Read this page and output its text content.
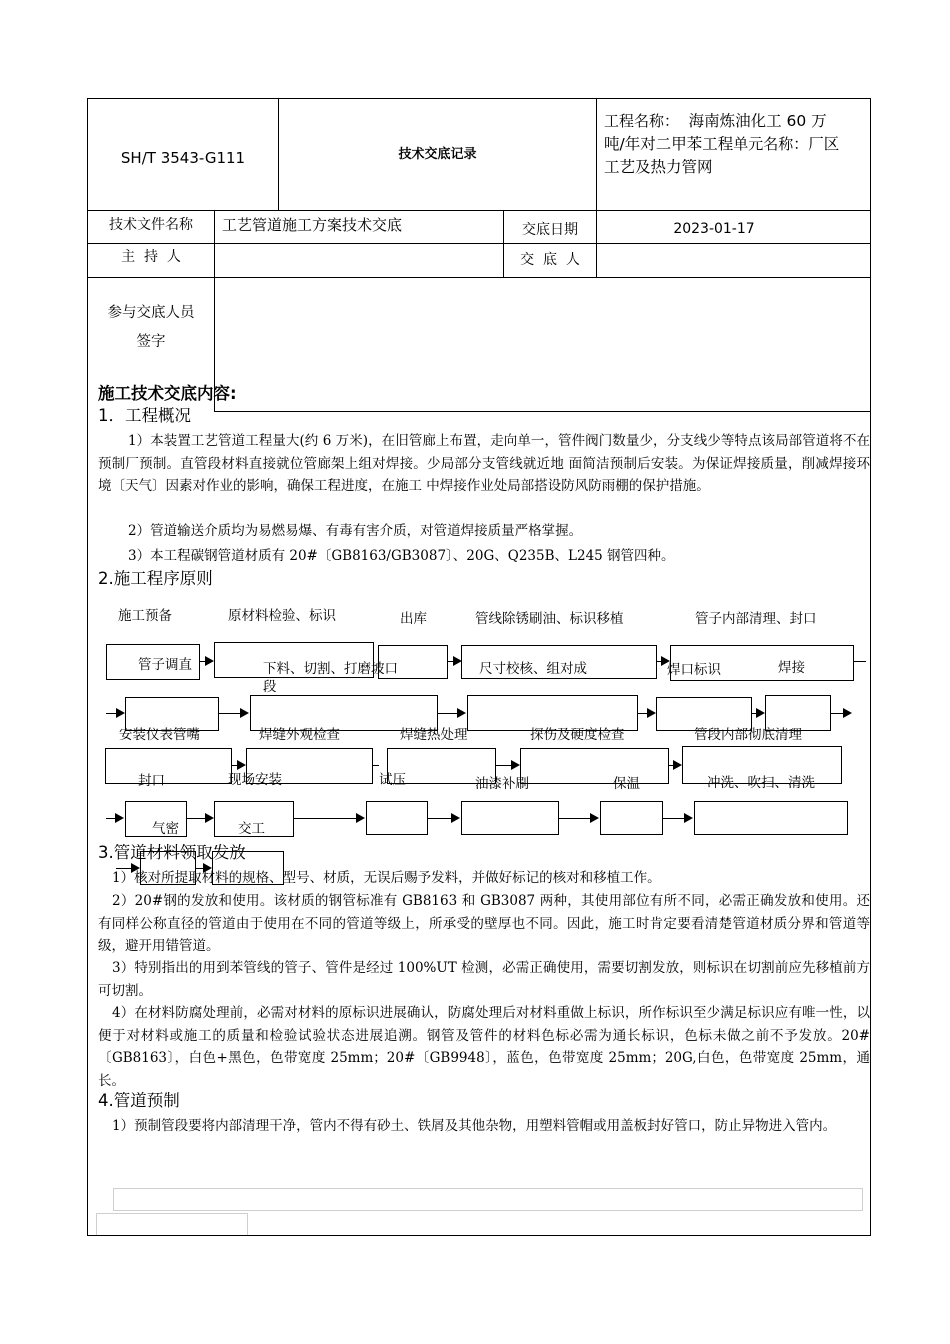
SH/T 3543-G111	技术交底记录
工程名称： 海南炼油化工 60 万
吨/年对二甲苯工程单元名称：厂区
工艺及热力管网
技术文件名称	工艺管道施工方案技术交底	交底日期	2023-01-17
主  持  人	交  底  人
参与交底人员
签字
施工技术交底内容:
1．工程概况
1）本装置工艺管道工程量大(约 6 万米)，在旧管廊上布置，走向单一，管件阀门数量少，分支线少等特点该局部管道将不在预制厂预制。直管段材料直接就位管廊架上组对焊接。少局部分支管线就近地 面简洁预制后安装。为保证焊接质量，削减焊接环境〔天气〕因素对作业的影响，确保工程进度，在施工 中焊接作业处局部搭设防风防雨棚的保护措施。
2）管道输送介质均为易燃易爆、有毒有害介质，对管道焊接质量严格掌握。
3）本工程碳钢管道材质有 20#〔GB8163/GB3087〕、20G、Q235B、L245 钢管四种。
2.施工程序原则
施工预备	原材料检验、标识	出库	管线除锈刷油、标识移植	管子内部清理、封口
管子调直	下料、切割、打磨坡口
段
尺寸校核、组对成	焊口标识	焊接
安装仪表管嘴	焊缝外观检查	焊缝热处理	探伤及硬度检查	管段内部彻底清理
封口	现场安装	试压	油漆补刷	保温	冲洗、吹扫、清洗
气密	交工
3.管道材料领取发放
1）核对所提取材料的规格、型号、材质，无误后赐予发料，并做好标记的核对和移植工作。
2）20#钢的发放和使用。该材质的钢管标准有 GB8163 和 GB3087 两种，其使用部位有所不同，必需正确发放和使用。还有同样公称直径的管道由于使用在不同的管道等级上，所承受的壁厚也不同。因此，施工时肯定要看清楚管道材质分界和管道等级，避开用错管道。
3）特别指出的用到苯管线的管子、管件是经过 100%UT 检测，必需正确使用，需要切割发放，则标识在切割前应先移植前方可切割。
4）在材料防腐处理前，必需对材料的原标识进展确认，防腐处理后对材料重做上标识，所作标识至少满足标识应有唯一性，以便于对材料或施工的质量和检验试验状态进展追溯。钢管及管件的材料色标必需为通长标识，色标未做之前不予发放。20#〔GB8163〕，白色+黑色，色带宽度 25mm；20#〔GB9948〕，蓝色，色带宽度 25mm；20G,白色，色带宽度 25mm，通长。
4.管道预制
1）预制管段要将内部清理干净，管内不得有砂土、铁屑及其他杂物，用塑料管帽或用盖板封好管口，防止异物进入管内。
